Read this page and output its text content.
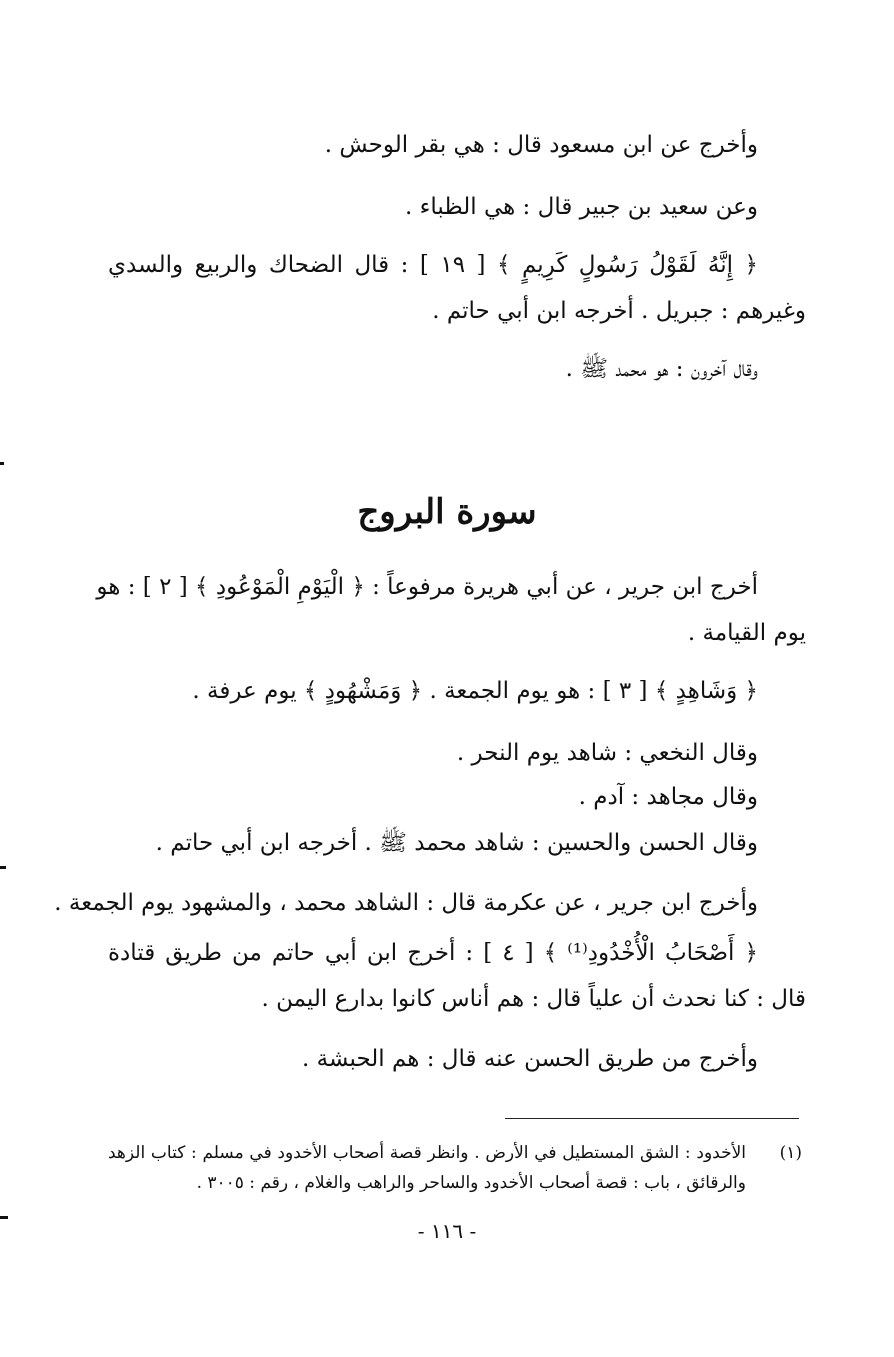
وأخرج عن ابن مسعود قال : هي بقر الوحش .
وعن سعيد بن جبير قال : هي الظباء .
﴿ إِنَّهُ لَقَوْلُ رَسُولٍ كَرِيمٍ ﴾ [ ١٩ ] : قال الضحاك والربيع والسدي
وغيرهم : جبريل . أخرجه ابن أبي حاتم .
وقال آخرون : هو محمد ﷺ .
سورة البروج
أخرج ابن جرير ، عن أبي هريرة مرفوعاً : ﴿ الْيَوْمِ الْمَوْعُودِ ﴾ [ ٢ ] : هو
يوم القيامة .
﴿ وَشَاهِدٍ ﴾ [ ٣ ] : هو يوم الجمعة . ﴿ وَمَشْهُودٍ ﴾ يوم عرفة .
وقال النخعي : شاهد يوم النحر .
وقال مجاهد : آدم .
وقال الحسن والحسين : شاهد محمد ﷺ . أخرجه ابن أبي حاتم .
وأخرج ابن جرير ، عن عكرمة قال : الشاهد محمد ، والمشهود يوم الجمعة .
﴿ أَصْحَابُ الْأُخْدُودِ⁽¹⁾ ﴾ [ ٤ ] : أخرج ابن أبي حاتم من طريق قتادة
قال : كنا نحدث أن علياً قال : هم أناس كانوا بدارع اليمن .
وأخرج من طريق الحسن عنه قال : هم الحبشة .
(١)
الأخدود : الشق المستطيل في الأرض . وانظر قصة أصحاب الأخدود في مسلم : كتاب الزهد
والرقائق ، باب : قصة أصحاب الأخدود والساحر والراهب والغلام ، رقم : ٣٠٠٥ .
- ١١٦ -
